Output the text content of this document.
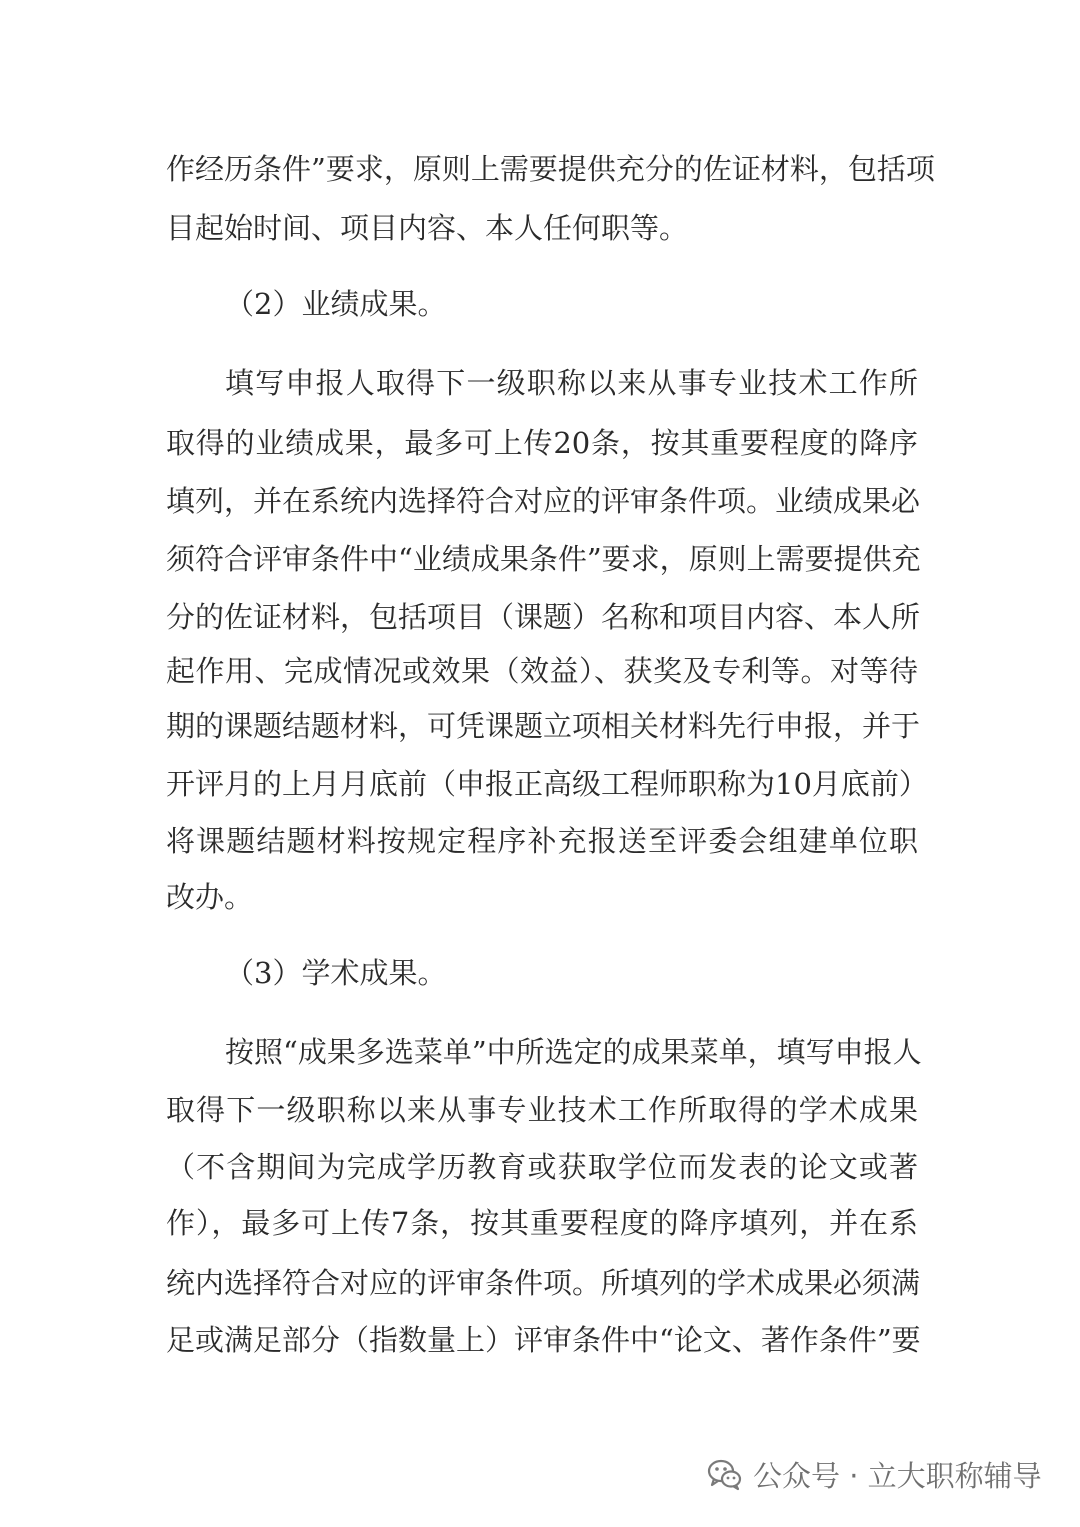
作经历条件”要求，原则上需要提供充分的佐证材料，包括项
目起始时间、项目内容、本人任何职等。
（2）业绩成果。
填写申报人取得下一级职称以来从事专业技术工作所
取得的业绩成果，最多可上传20条，按其重要程度的降序
填列，并在系统内选择符合对应的评审条件项。业绩成果必
须符合评审条件中“业绩成果条件”要求，原则上需要提供充
分的佐证材料，包括项目（课题）名称和项目内容、本人所
起作用、完成情况或效果（效益）、获奖及专利等。对等待
期的课题结题材料，可凭课题立项相关材料先行申报，并于
开评月的上月月底前（申报正高级工程师职称为10月底前）
将课题结题材料按规定程序补充报送至评委会组建单位职
改办。
（3）学术成果。
按照“成果多选菜单”中所选定的成果菜单，填写申报人
取得下一级职称以来从事专业技术工作所取得的学术成果
（不含期间为完成学历教育或获取学位而发表的论文或著
作），最多可上传7条，按其重要程度的降序填列，并在系
统内选择符合对应的评审条件项。所填列的学术成果必须满
足或满足部分（指数量上）评审条件中“论文、著作条件”要
公众号 · 立大职称辅导
